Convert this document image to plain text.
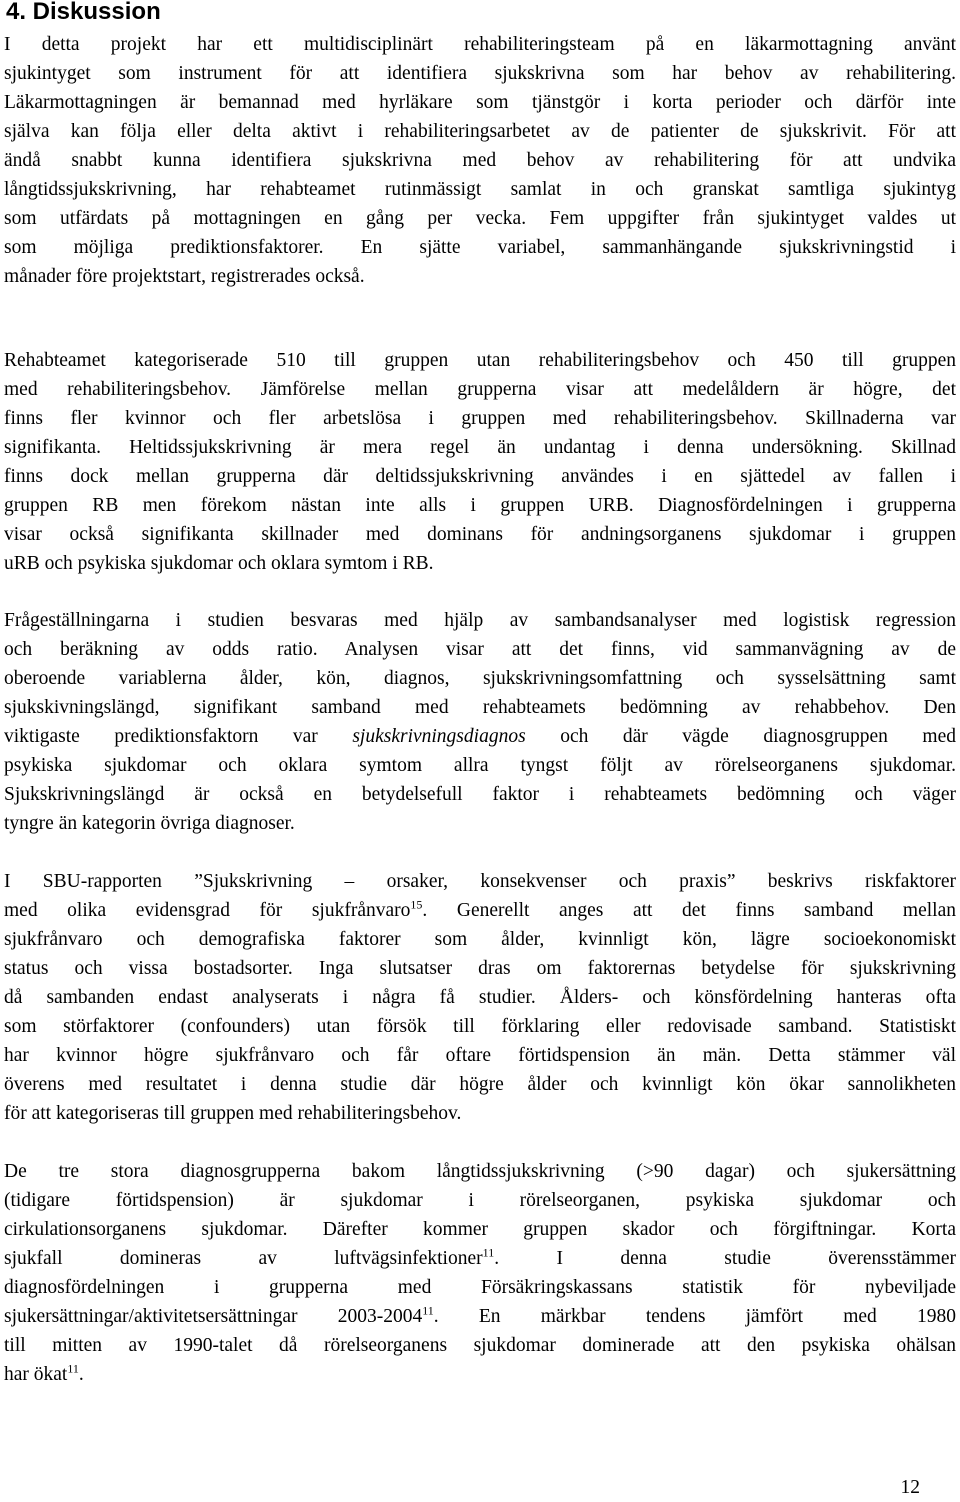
4. Diskussion

I detta projekt har ett multidisciplinärt rehabiliteringsteam på en läkarmottagning använt
sjukintyget som instrument för att identifiera sjukskrivna som har behov av rehabilitering.
Läkarmottagningen är bemannad med hyrläkare som tjänstgör i korta perioder och därför inte
själva kan följa eller delta aktivt i rehabiliteringsarbetet av de patienter de sjukskrivit. För att
ändå snabbt kunna identifiera sjukskrivna med behov av rehabilitering för att undvika
långtidssjukskrivning, har rehabteamet rutinmässigt samlat in och granskat samtliga sjukintyg
som utfärdats på mottagningen en gång per vecka. Fem uppgifter från sjukintyget valdes ut
som möjliga prediktionsfaktorer. En sjätte variabel, sammanhängande sjukskrivningstid i
månader före projektstart, registrerades också.

Rehabteamet kategoriserade 510 till gruppen utan rehabiliteringsbehov och 450 till gruppen
med rehabiliteringsbehov. Jämförelse mellan grupperna visar att medelåldern är högre, det
finns fler kvinnor och fler arbetslösa i gruppen med rehabiliteringsbehov. Skillnaderna var
signifikanta. Heltidssjukskrivning är mera regel än undantag i denna undersökning. Skillnad
finns dock mellan grupperna där deltidssjukskrivning användes i en sjättedel av fallen i
gruppen RB men förekom nästan inte alls i gruppen URB. Diagnosfördelningen i grupperna
visar också signifikanta skillnader med dominans för andningsorganens sjukdomar i gruppen
uRB och psykiska sjukdomar och oklara symtom i RB.

Frågeställningarna i studien besvaras med hjälp av sambandsanalyser med logistisk regression
och beräkning av odds ratio. Analysen visar att det finns, vid sammanvägning av de
oberoende variablerna ålder, kön, diagnos, sjukskrivningsomfattning och sysselsättning samt
sjukskivningslängd, signifikant samband med rehabteamets bedömning av rehabbehov. Den
viktigaste prediktionsfaktorn var sjukskrivningsdiagnos och där vägde diagnosgruppen med
psykiska sjukdomar och oklara symtom allra tyngst följt av rörelseorganens sjukdomar.
Sjukskrivningslängd är också en betydelsefull faktor i rehabteamets bedömning och väger
tyngre än kategorin övriga diagnoser.

I SBU-rapporten ”Sjukskrivning – orsaker, konsekvenser och praxis” beskrivs riskfaktorer
med olika evidensgrad för sjukfrånvaro$^{15}$. Generellt anges att det finns samband mellan
sjukfrånvaro och demografiska faktorer som ålder, kvinnligt kön, lägre socioekonomiskt
status och vissa bostadsorter. Inga slutsatser dras om faktorernas betydelse för sjukskrivning
då sambanden endast analyserats i några få studier. Ålders- och könsfördelning hanteras ofta
som störfaktorer (confounders) utan försök till förklaring eller redovisade samband. Statistiskt
har kvinnor högre sjukfrånvaro och får oftare förtidspension än män. Detta stämmer väl
överens med resultatet i denna studie där högre ålder och kvinnligt kön ökar sannolikheten
för att kategoriseras till gruppen med rehabiliteringsbehov.

De tre stora diagnosgrupperna bakom långtidssjukskrivning (>90 dagar) och sjukersättning
(tidigare förtidspension) är sjukdomar i rörelseorganen, psykiska sjukdomar och
cirkulationsorganens sjukdomar. Därefter kommer gruppen skador och förgiftningar. Korta
sjukfall domineras av luftvägsinfektioner$^{11}$. I denna studie överensstämmer
diagnosfördelningen i grupperna med Försäkringskassans statistik för nybeviljade
sjukersättningar/aktivitetsersättningar 2003-2004$^{11}$. En märkbar tendens jämfört med 1980
till mitten av 1990-talet då rörelseorganens sjukdomar dominerade att den psykiska ohälsan
har ökat$^{11}$.

12
